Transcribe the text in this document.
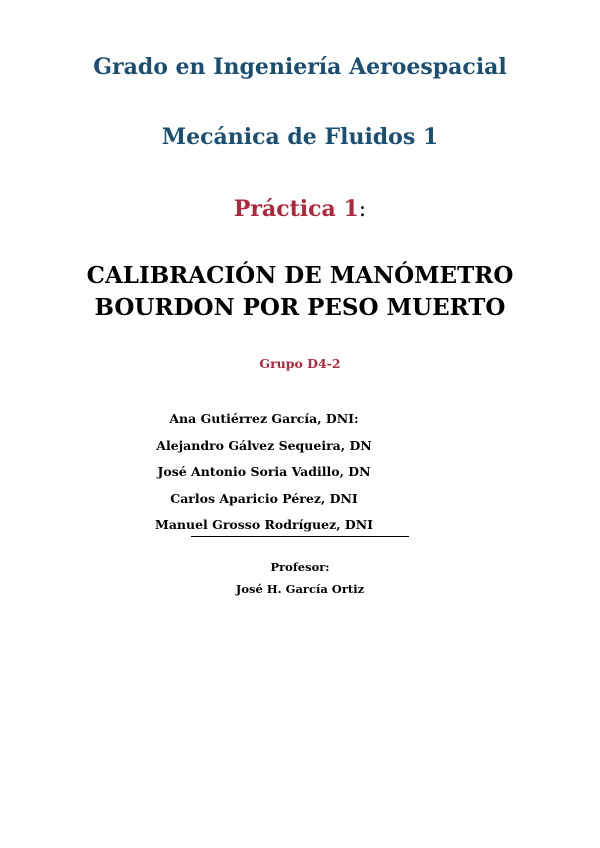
Grado en Ingeniería Aeroespacial
Mecánica de Fluidos 1
Práctica 1:
CALIBRACIÓN DE MANÓMETRO
BOURDON POR PESO MUERTO
Grupo D4-2
Ana Gutiérrez García, DNI:
Alejandro Gálvez Sequeira, DN
José Antonio Soria Vadillo, DN
Carlos Aparicio Pérez, DNI
Manuel Grosso Rodríguez, DNI
Profesor:
José H. García Ortiz
